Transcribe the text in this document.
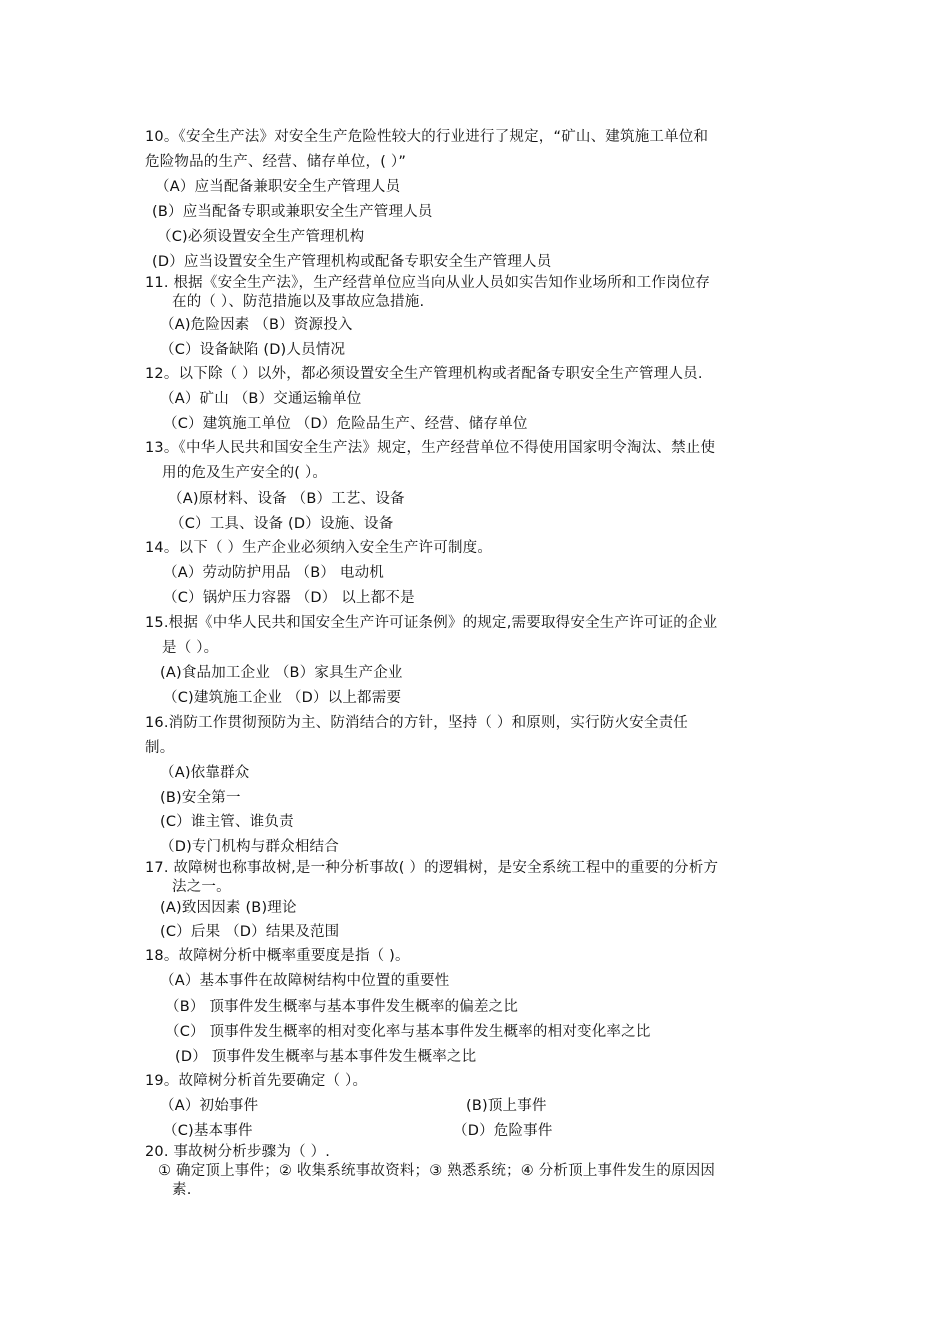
10。《安全生产法》对安全生产危险性较大的行业进行了规定，“矿山、建筑施工单位和
危险物品的生产、经营、储存单位，( ）”
（A）应当配备兼职安全生产管理人员
(B）应当配备专职或兼职安全生产管理人员
（C)必须设置安全生产管理机构
(D）应当设置安全生产管理机构或配备专职安全生产管理人员
11. 根据《安全生产法》，生产经营单位应当向从业人员如实告知作业场所和工作岗位存
在的（ ）、防范措施以及事故应急措施.
（A)危险因素 （B）资源投入
（C）设备缺陷 (D)人员情况
12。以下除（ ）以外，都必须设置安全生产管理机构或者配备专职安全生产管理人员.
（A）矿山 （B）交通运输单位
（C）建筑施工单位 （D）危险品生产、经营、储存单位
13。《中华人民共和国安全生产法》规定，生产经营单位不得使用国家明令淘汰、禁止使
用的危及生产安全的( ）。
（A)原材料、设备 （B）工艺、设备
（C）工具、设备 (D）设施、设备
14。以下（ ）生产企业必须纳入安全生产许可制度。
（A）劳动防护用品 （B） 电动机
（C）锅炉压力容器 （D） 以上都不是
15.根据《中华人民共和国安全生产许可证条例》的规定,需要取得安全生产许可证的企业
是（ ）。
(A)食品加工企业 （B）家具生产企业
（C)建筑施工企业 （D）以上都需要
16.消防工作贯彻预防为主、防消结合的方针，坚持（ ）和原则，实行防火安全责任
制。
（A)依靠群众
(B)安全第一
(C）谁主管、谁负责
（D)专门机构与群众相结合
17. 故障树也称事故树,是一种分析事故( ）的逻辑树，是安全系统工程中的重要的分析方
法之一。
(A)致因因素 (B)理论
(C）后果 （D）结果及范围
18。故障树分析中概率重要度是指（ )。
（A）基本事件在故障树结构中位置的重要性
（B） 顶事件发生概率与基本事件发生概率的偏差之比
（C） 顶事件发生概率的相对变化率与基本事件发生概率的相对变化率之比
(D） 顶事件发生概率与基本事件发生概率之比
19。故障树分析首先要确定（ ）。
（A）初始事件	(B)顶上事件
（C)基本事件	（D）危险事件
20. 事故树分析步骤为（ ）.
① 确定顶上事件；② 收集系统事故资料；③ 熟悉系统；④ 分析顶上事件发生的原因因
素.
